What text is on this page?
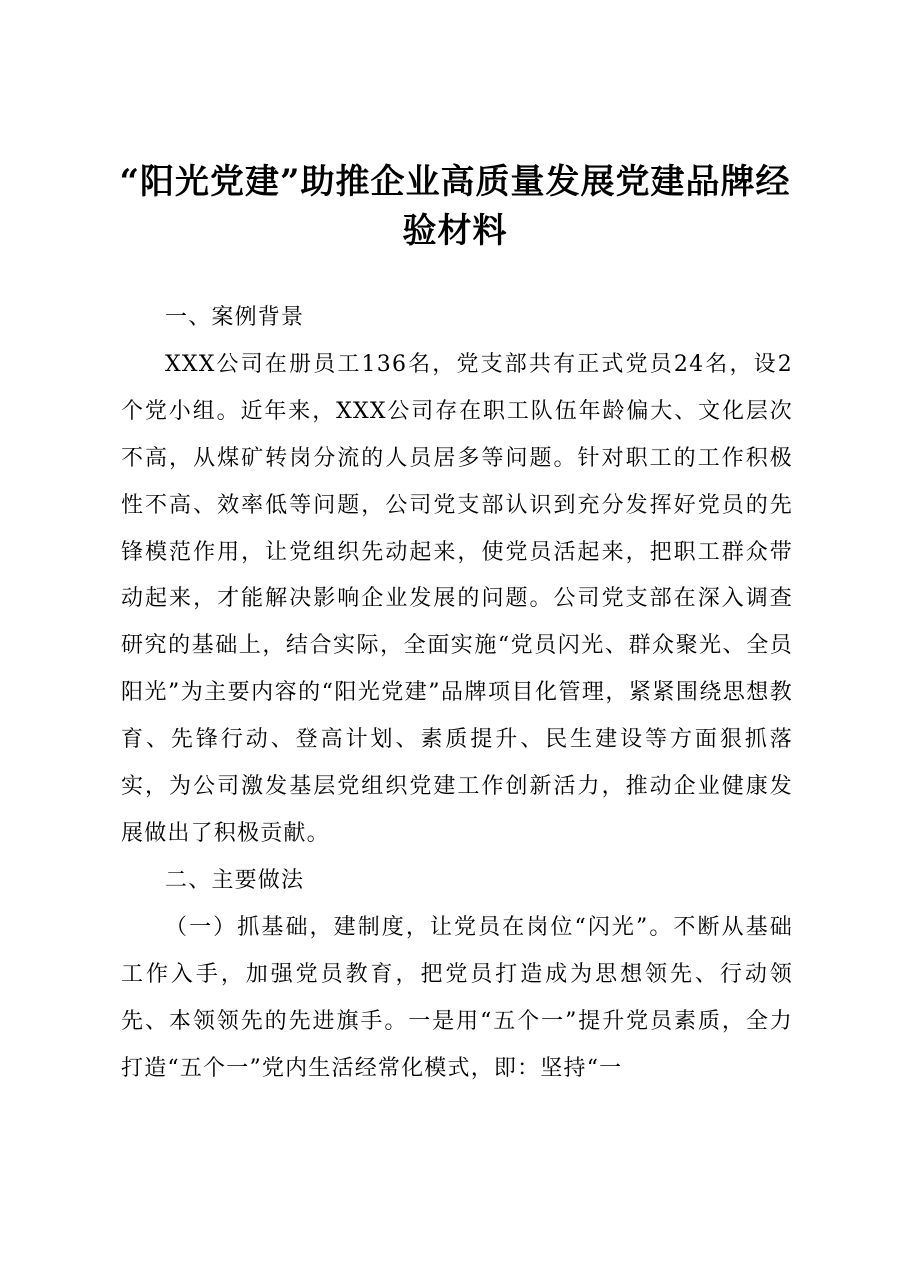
“阳光党建”助推企业高质量发展党建品牌经验材料

一、案例背景

XXX公司在册员工136名，党支部共有正式党员24名，设2个党小组。近年来，XXX公司存在职工队伍年龄偏大、文化层次不高，从煤矿转岗分流的人员居多等问题。针对职工的工作积极性不高、效率低等问题，公司党支部认识到充分发挥好党员的先锋模范作用，让党组织先动起来，使党员活起来，把职工群众带动起来，才能解决影响企业发展的问题。公司党支部在深入调查研究的基础上，结合实际，全面实施“党员闪光、群众聚光、全员阳光”为主要内容的“阳光党建”品牌项目化管理，紧紧围绕思想教育、先锋行动、登高计划、素质提升、民生建设等方面狠抓落实，为公司激发基层党组织党建工作创新活力，推动企业健康发展做出了积极贡献。

二、主要做法

（一）抓基础，建制度，让党员在岗位“闪光”。不断从基础工作入手，加强党员教育，把党员打造成为思想领先、行动领先、本领领先的先进旗手。一是用“五个一”提升党员素质，全力打造“五个一”党内生活经常化模式，即：坚持“一
